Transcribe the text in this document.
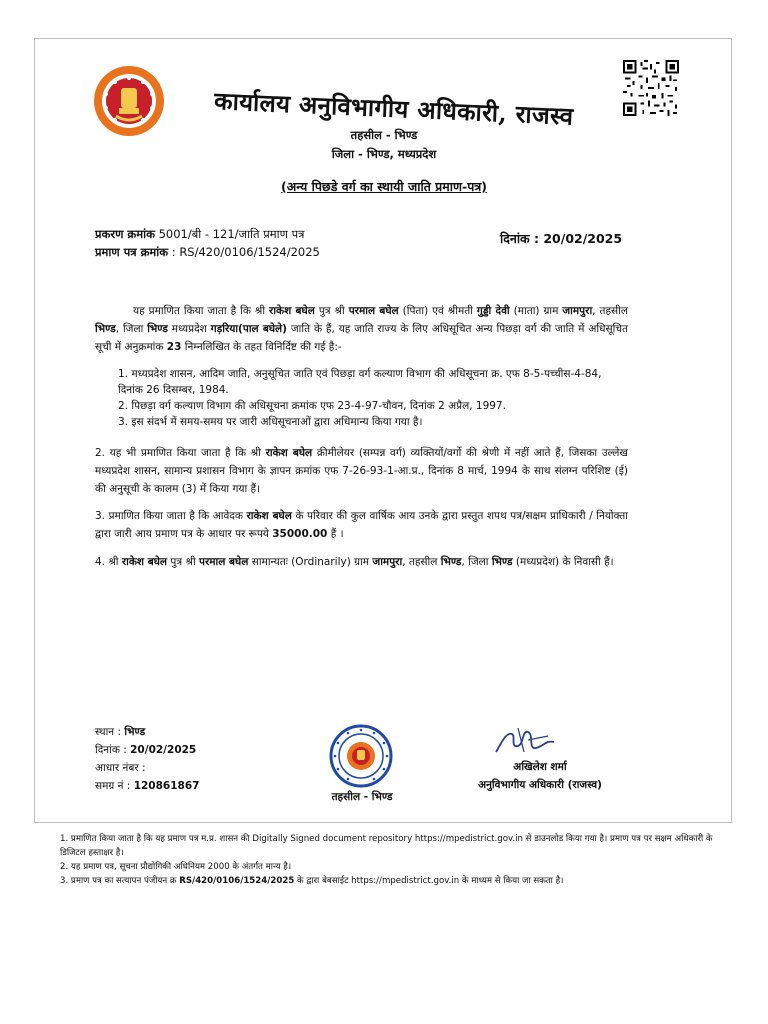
कार्यालय अनुविभागीय अधिकारी, राजस्व
तहसील - भिण्ड
जिला - भिण्ड, मध्यप्रदेश
(अन्य पिछडे वर्ग का स्थायी जाति प्रमाण-पत्र)
प्रकरण क्रमांक 5001/बी - 121/जाति प्रमाण पत्र
प्रमाण पत्र क्रमांक : RS/420/0106/1524/2025
दिनांक : 20/02/2025
यह प्रमाणित किया जाता है कि श्री राकेश बघेल पुत्र श्री परमाल बघेल (पिता) एवं श्रीमती गुड्डी देवी (माता) ग्राम जामपुरा, तहसील भिण्ड, जिला भिण्ड मध्यप्रदेश गड़रिया(पाल बघेले) जाति के हैं, यह जाति राज्य के लिए अधिसूचित अन्य पिछड़ा वर्ग की जाति में अधिसूचित सूची में अनुक्रमांक 23 निम्नलिखित के तहत विनिर्दिष्ट की गई है:-
1. मध्यप्रदेश शासन, आदिम जाति, अनुसूचित जाति एवं पिछड़ा वर्ग कल्याण विभाग की अधिसूचना क्र. एफ 8-5-पच्चीस-4-84, दिनांक 26 दिसम्बर, 1984.
2. पिछड़ा वर्ग कल्याण विभाग की अधिसूचना क्रमांक एफ 23-4-97-चौवन, दिनांक 2 अप्रैल, 1997.
3. इस संदर्भ में समय-समय पर जारी अधिसूचनाओं द्वारा अधिमान्य किया गया है।
2. यह भी प्रमाणित किया जाता है कि श्री राकेश बघेल क्रीमीलेयर (सम्पन्न वर्ग) व्यक्तियों/वर्गो की श्रेणी में नहीं आते हैं, जिसका उल्लेख मध्यप्रदेश शासन, सामान्य प्रशासन विभाग के ज्ञापन क्रमांक एफ 7-26-93-1-आ.प्र., दिनांक 8 मार्च, 1994 के साथ संलग्न परिशिष्ट (ई) की अनुसूची के कालम (3) में किया गया हैं।
3. प्रमाणित किया जाता है कि आवेदक राकेश बघेल के परिवार की कुल वार्षिक आय उनके द्वारा प्रस्तुत शपथ पत्र/सक्षम प्राधिकारी / नियोक्ता द्वारा जारी आय प्रमाण पत्र के आधार पर रूपये 35000.00 हैं ।
4. श्री राकेश बघेल पुत्र श्री परमाल बघेल सामान्यतः (Ordinarily) ग्राम जामपुरा, तहसील भिण्ड, जिला भिण्ड (मध्यप्रदेश) के निवासी हैं।
स्थान : भिण्ड
दिनांक : 20/02/2025
आधार नंबर :
समग्र नं : 120861867
तहसील - भिण्ड
अखिलेश शर्मा
अनुविभागीय अधिकारी (राजस्व)
1. प्रमाणित किया जाता है कि यह प्रमाण पत्र म.प्र. शासन की Digitally Signed document repository https://mpedistrict.gov.in से डाउनलोड किया गया है। प्रमाण पत्र पर सक्षम अधिकारी के डिजिटल हस्ताक्षर है।
2. यह प्रमाण पत्र, सूचना प्रौद्योगिकी अधिनियम 2000 के अंतर्गत मान्य है।
3. प्रमाण पत्र का सत्यापन पंजीयन क्र RS/420/0106/1524/2025 के द्वारा बेबसाईट https://mpedistrict.gov.in के माध्यम से किया जा सकता है।
